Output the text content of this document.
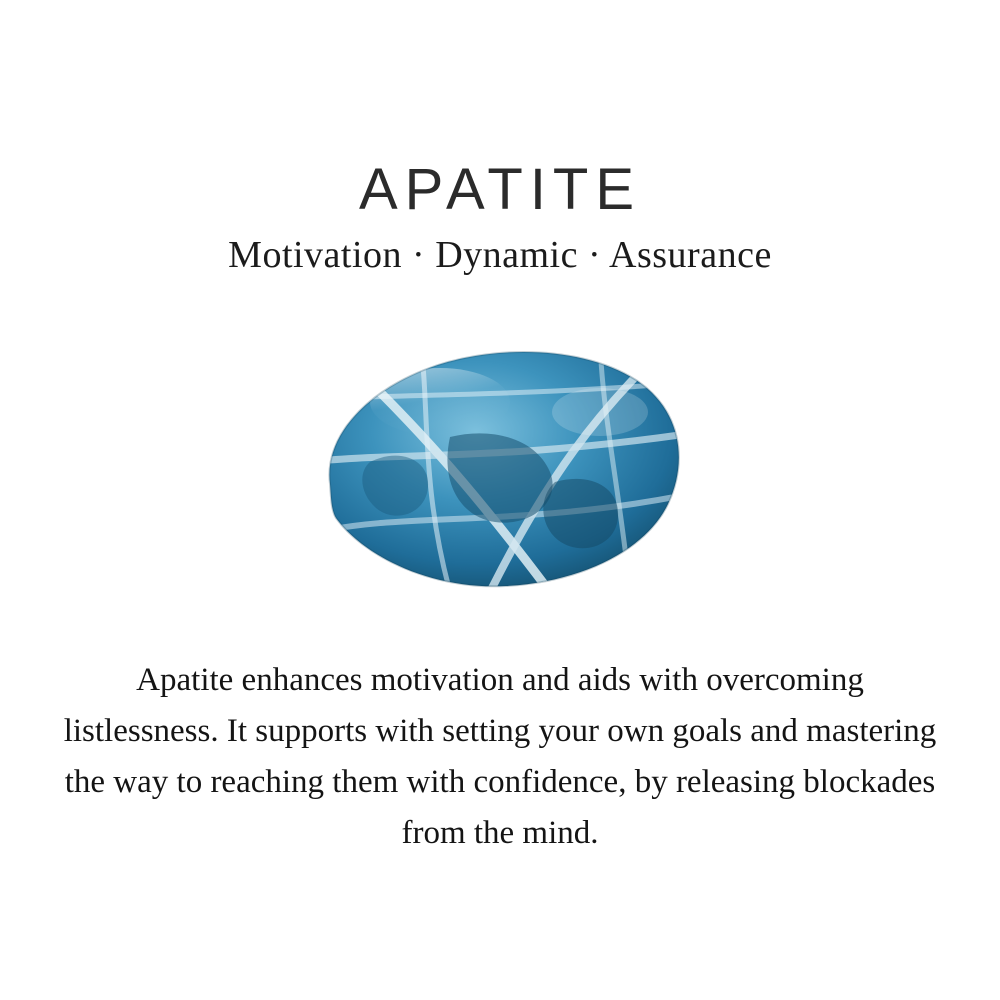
APATITE
Motivation · Dynamic · Assurance
Apatite enhances motivation and aids with overcoming listlessness. It supports with setting your own goals and mastering the way to reaching them with confidence, by releasing blockades from the mind.
